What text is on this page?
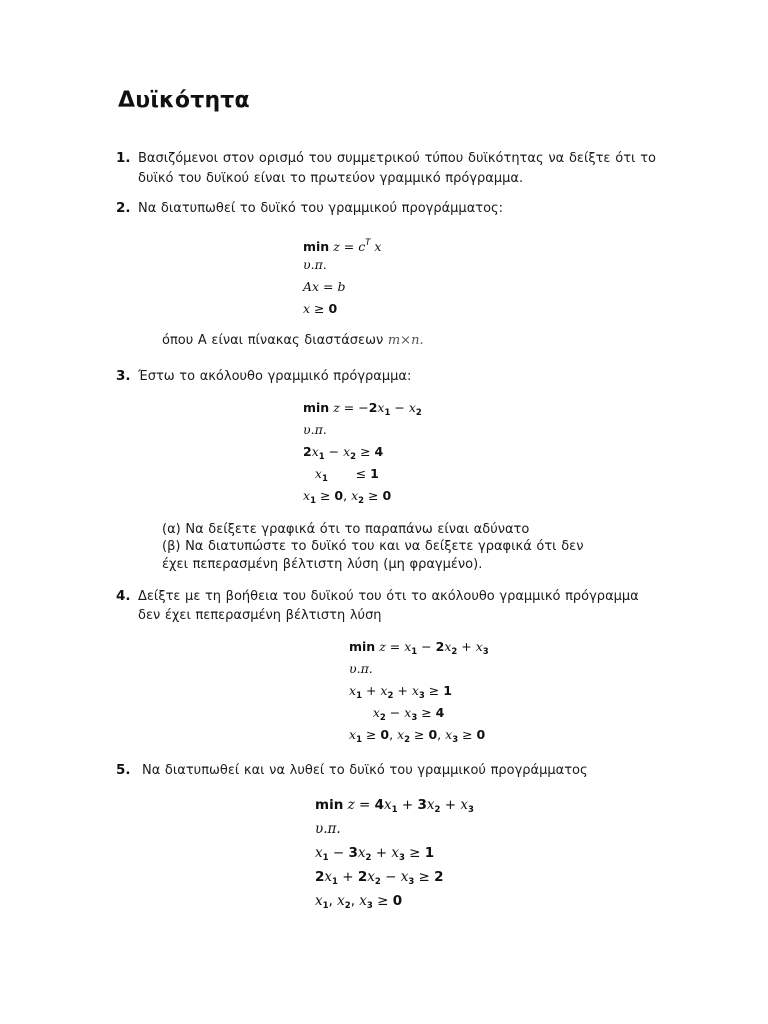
Δυϊκότητα
1. Βασιζόμενοι στον ορισμό του συμμετρικού τύπου δυϊκότητας να δείξτε ότι το δυϊκό του δυϊκού είναι το πρωτεύον γραμμικό πρόγραμμα.
2. Να διατυπωθεί το δυϊκό του γραμμικού προγράμματος:
$\min z = c^T$ x
υ.π.
Ax = b
x ≥ 0
όπου A είναι πίνακας διαστάσεων m×n.
3. Έστω το ακόλουθο γραμμικό πρόγραμμα:
$\min z = -2x_1 - x_2$
υ.π.
$2x_1 - x_2 \ge 4$
$x_1$       ≤ 1
$x_1 \ge 0$, $x_2 \ge 0$
(α) Να δείξετε γραφικά ότι το παραπάνω είναι αδύνατο
(β) Να διατυπώστε το δυϊκό του και να δείξετε γραφικά ότι δεν έχει πεπερασμένη βέλτιστη λύση (μη φραγμένο).
4. Δείξτε με τη βοήθεια του δυϊκού του ότι το ακόλουθο γραμμικό πρόγραμμα δεν έχει πεπερασμένη βέλτιστη λύση
$\min z = x_1 - 2x_2 + x_3$
υ.π.
$x_1 + x_2 + x_3 \ge 1$
$x_2 - x_3 \ge 4$
$x_1 \ge 0$, $x_2 \ge 0$, $x_3 \ge 0$
5. Να διατυπωθεί και να λυθεί το δυϊκό του γραμμικού προγράμματος
$\min z = 4x_1 + 3x_2 + x_3$
υ.π.
$x_1 - 3x_2 + x_3 \ge 1$
$2x_1 + 2x_2 - x_3 \ge 2$
$x_1$, $x_2$, $x_3 \ge 0$
